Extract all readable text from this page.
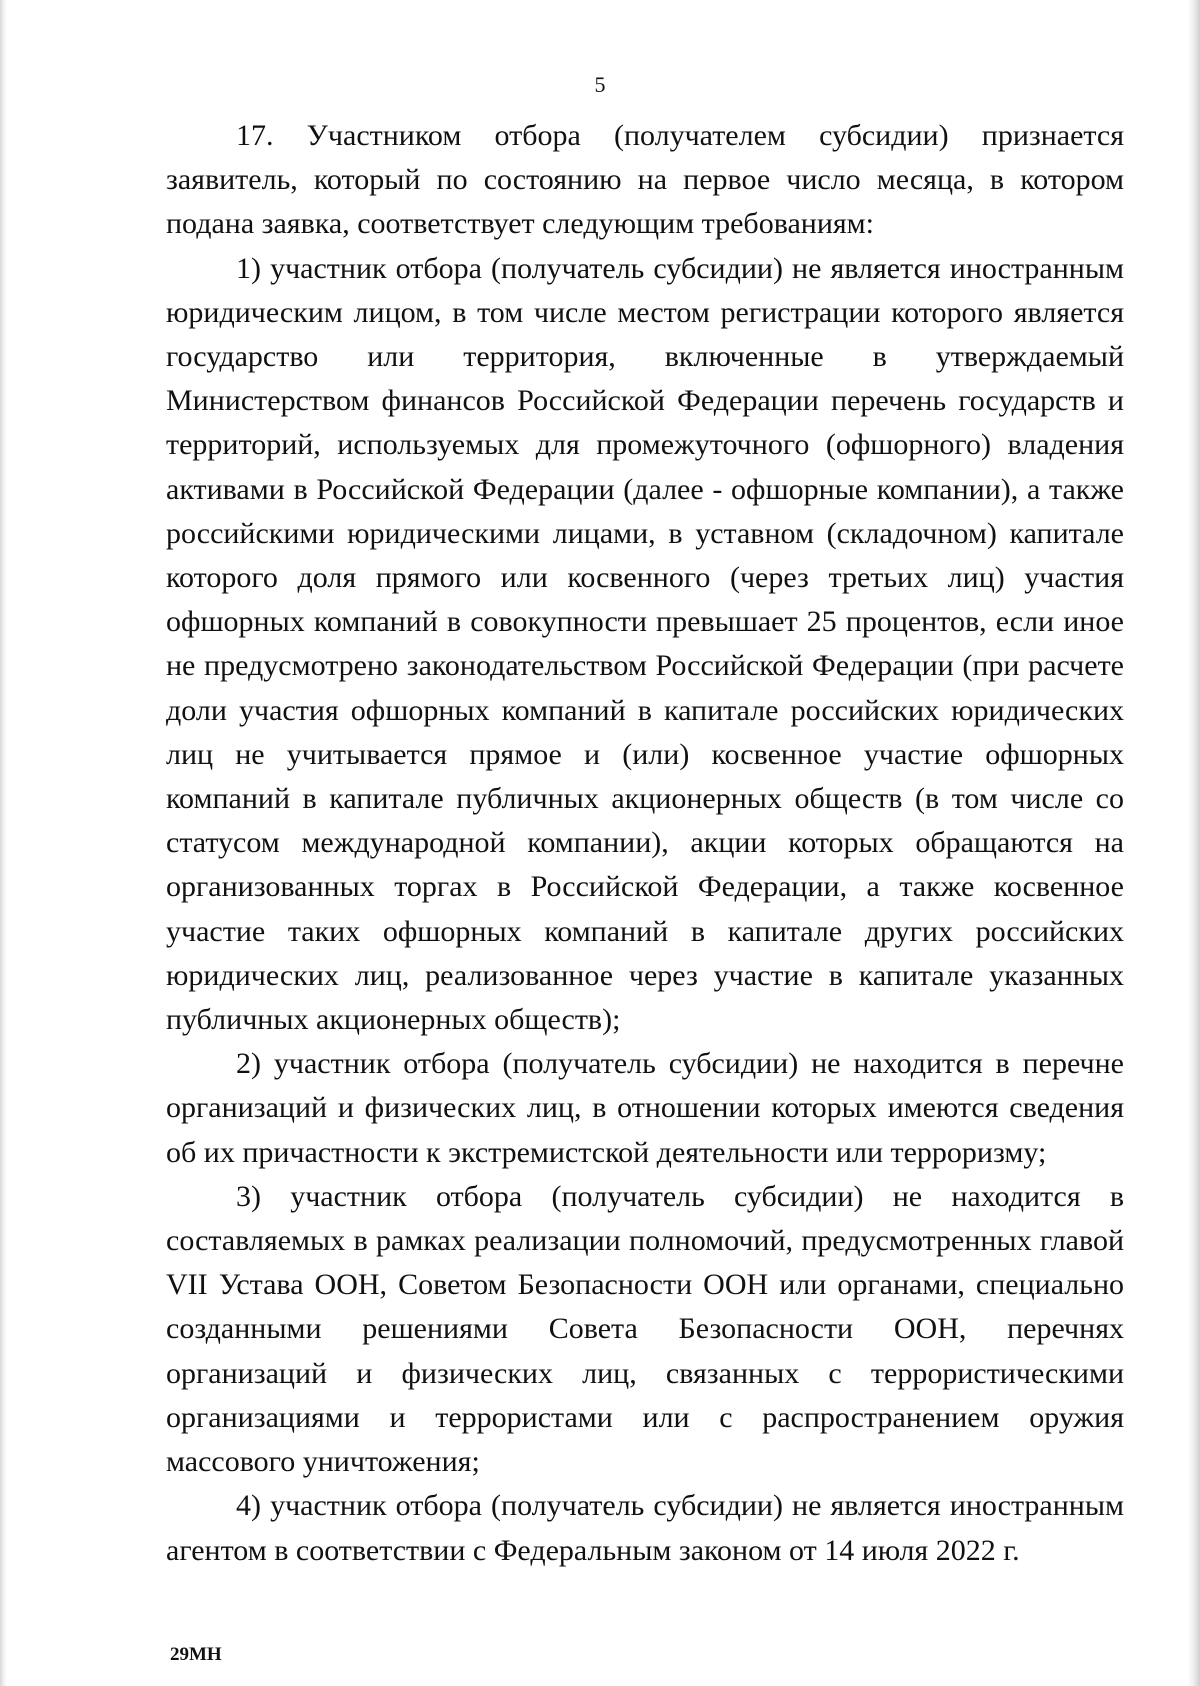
5

17. Участником отбора (получателем субсидии) признается заявитель, который по состоянию на первое число месяца, в котором подана заявка, соответствует следующим требованиям:

1) участник отбора (получатель субсидии) не является иностранным юридическим лицом, в том числе местом регистрации которого является государство или территория, включенные в утверждаемый Министерством финансов Российской Федерации перечень государств и территорий, используемых для промежуточного (офшорного) владения активами в Российской Федерации (далее - офшорные компании), а также российскими юридическими лицами, в уставном (складочном) капитале которого доля прямого или косвенного (через третьих лиц) участия офшорных компаний в совокупности превышает 25 процентов, если иное не предусмотрено законодательством Российской Федерации (при расчете доли участия офшорных компаний в капитале российских юридических лиц не учитывается прямое и (или) косвенное участие офшорных компаний в капитале публичных акционерных обществ (в том числе со статусом международной компании), акции которых обращаются на организованных торгах в Российской Федерации, а также косвенное участие таких офшорных компаний в капитале других российских юридических лиц, реализованное через участие в капитале указанных публичных акционерных обществ);

2) участник отбора (получатель субсидии) не находится в перечне организаций и физических лиц, в отношении которых имеются сведения об их причастности к экстремистской деятельности или терроризму;

3) участник отбора (получатель субсидии) не находится в составляемых в рамках реализации полномочий, предусмотренных главой VII Устава ООН, Советом Безопасности ООН или органами, специально созданными решениями Совета Безопасности ООН, перечнях организаций и физических лиц, связанных с террористическими организациями и террористами или с распространением оружия массового уничтожения;

4) участник отбора (получатель субсидии) не является иностранным агентом в соответствии с Федеральным законом от 14 июля 2022 г.

29МН
